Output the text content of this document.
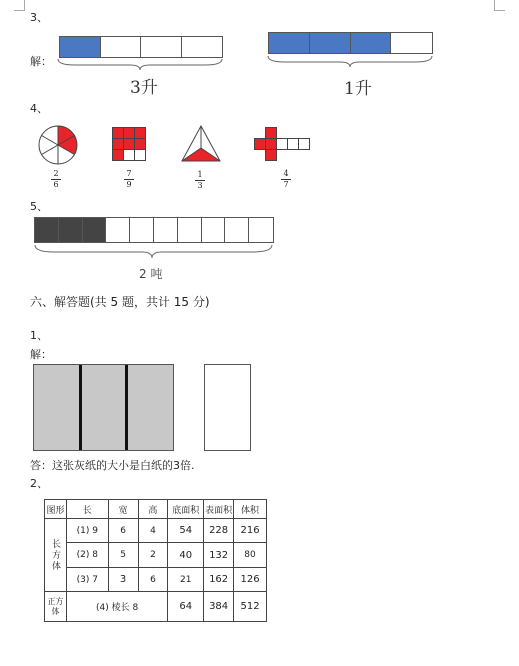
3、
解：
3升	1升
4、
2
6
7
9
1
3
4
7
5、
2 吨
六、解答题(共 5 题，共计 15 分)
1、
解：
答：这张灰纸的大小是白纸的3倍.
2、
图形	长	宽	高	底面积	表面积	体积
长方体	(1) 9	6	4	54	228	216
	(2) 8	5	2	40	132	80
	(3) 7	3	6	21	162	126
正方体	(4) 棱长 8			64	384	512
